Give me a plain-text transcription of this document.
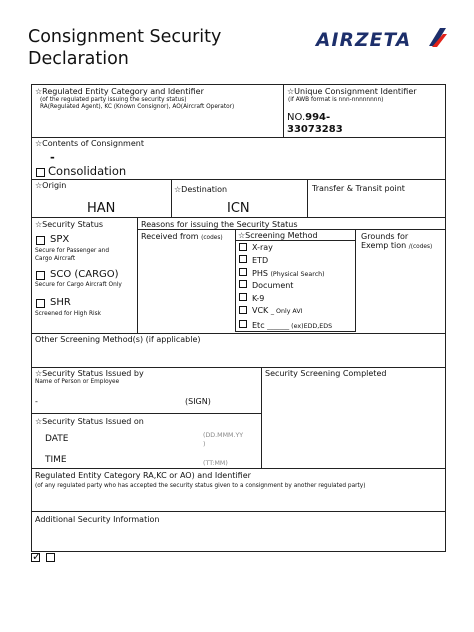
Consignment Security
Declaration
AIRZETA
☆Regulated Entity Category and Identifier
(of the regulated party issuing the security status)
RA(Regulated Agent), KC (Known Consignor), AO(Aircraft Operator)
☆Unique Consignment Identifier
(if AWB format is nnn-nnnnnnnn)
NO.994-
33073283
☆Contents of Consignment
-
Consolidation
☆Origin
HAN
☆Destination
ICN
Transfer & Transit point
☆Security Status	Reasons for issuing the Security Status
Received from (codes) ☆Screening Method	Grounds for
Exemp tion /(codes)
SPX
Secure for Passenger and
Cargo Aircraft
SCO (CARGO)
Secure for Cargo Aircraft Only
SHR
Screened for High Risk
X-ray
ETD
PHS (Physical Search)
Document
K-9
VCK _ Only AVI
Etc _______ (ex)EDD,EDS
Other Screening Method(s) (if applicable)
☆Security Status Issued by
Name of Person or Employee
-	(SIGN)
Security Screening Completed
☆Security Status Issued on
DATE	(DD.MMM.YY
)
TIME	(TT:MM)
Regulated Entity Category RA,KC or AO) and Identifier
(of any regulated party who has accepted the security status given to a consignment by another regulated party)
Additional Security Information
✓
